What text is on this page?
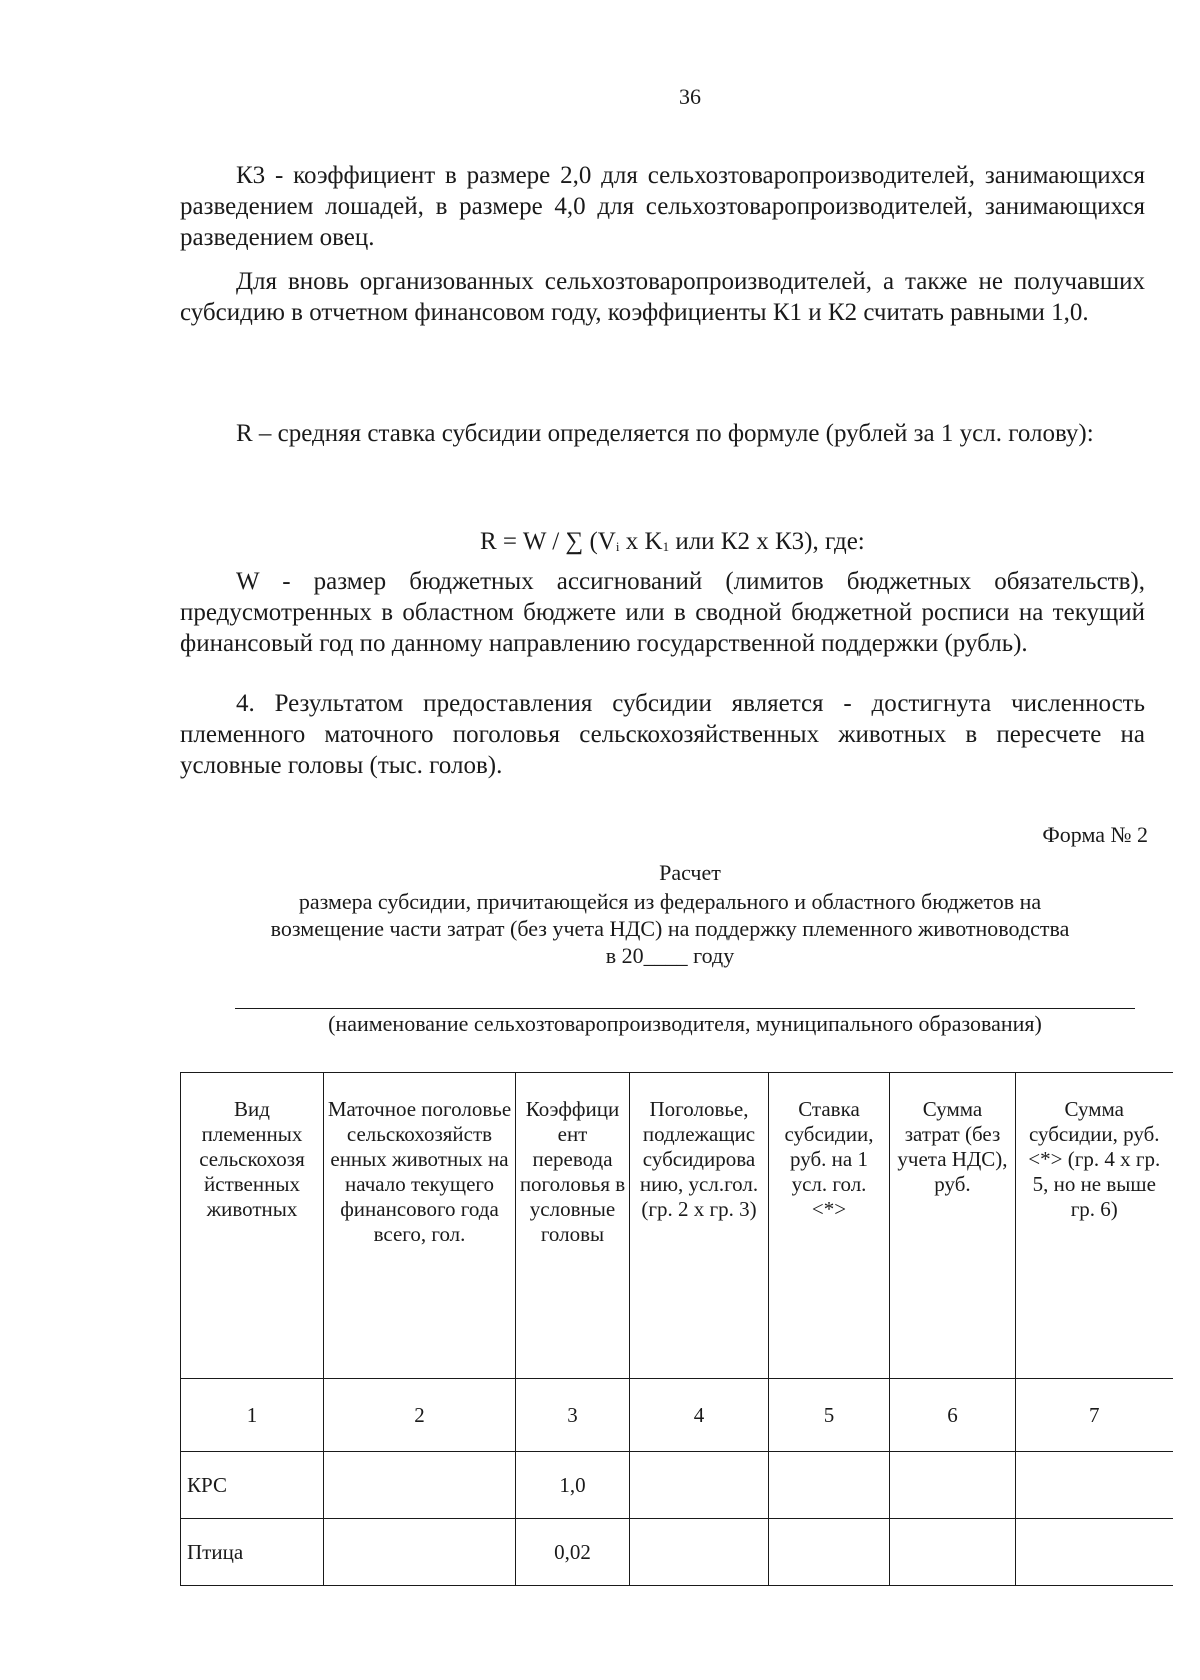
36

К3 - коэффициент в размере 2,0 для сельхозтоваропроизводителей, занимающихся разведением лошадей, в размере 4,0 для сельхозтоваропроизводителей, занимающихся разведением овец.

Для вновь организованных сельхозтоваропроизводителей, а также не получавших субсидию в отчетном финансовом году, коэффициенты К1 и К2 считать равными 1,0.

R – средняя ставка субсидии определяется по формуле (рублей за 1 усл. голову):

R = W / ∑ ($V_i$ x $K_1$ или К2 х К3), где:

W - размер бюджетных ассигнований (лимитов бюджетных обязательств), предусмотренных в областном бюджете или в сводной бюджетной росписи на текущий финансовый год по данному направлению государственной поддержки (рубль).

4. Результатом предоставления субсидии является - достигнута численность племенного маточного поголовья сельскохозяйственных животных в пересчете на условные головы (тыс. голов).

Форма № 2
Расчет
размера субсидии, причитающейся из федерального и областного бюджетов на
возмещение части затрат (без учета НДС) на поддержку племенного животноводства
в 20____ году
(наименование сельхозтоваропроизводителя, муниципального образования)
Вид племенных сельскохозя йственных животных	Маточное поголовье сельскохозяйств енных животных на начало текущего финансового года всего, гол.	Коэффици ент перевода поголовья в условные головы	Поголовье, подлежащис субсидирова нию, усл.гол. (гр. 2 х гр. 3)	Ставка субсидии, руб. на 1 усл. гол. <*>	Сумма затрат (без учета НДС), руб.	Сумма субсидии, руб. <*> (гр. 4 х гр. 5, но не выше гр. 6)
1	2	3	4	5	6	7
КРС		1,0				
Птица		0,02				
